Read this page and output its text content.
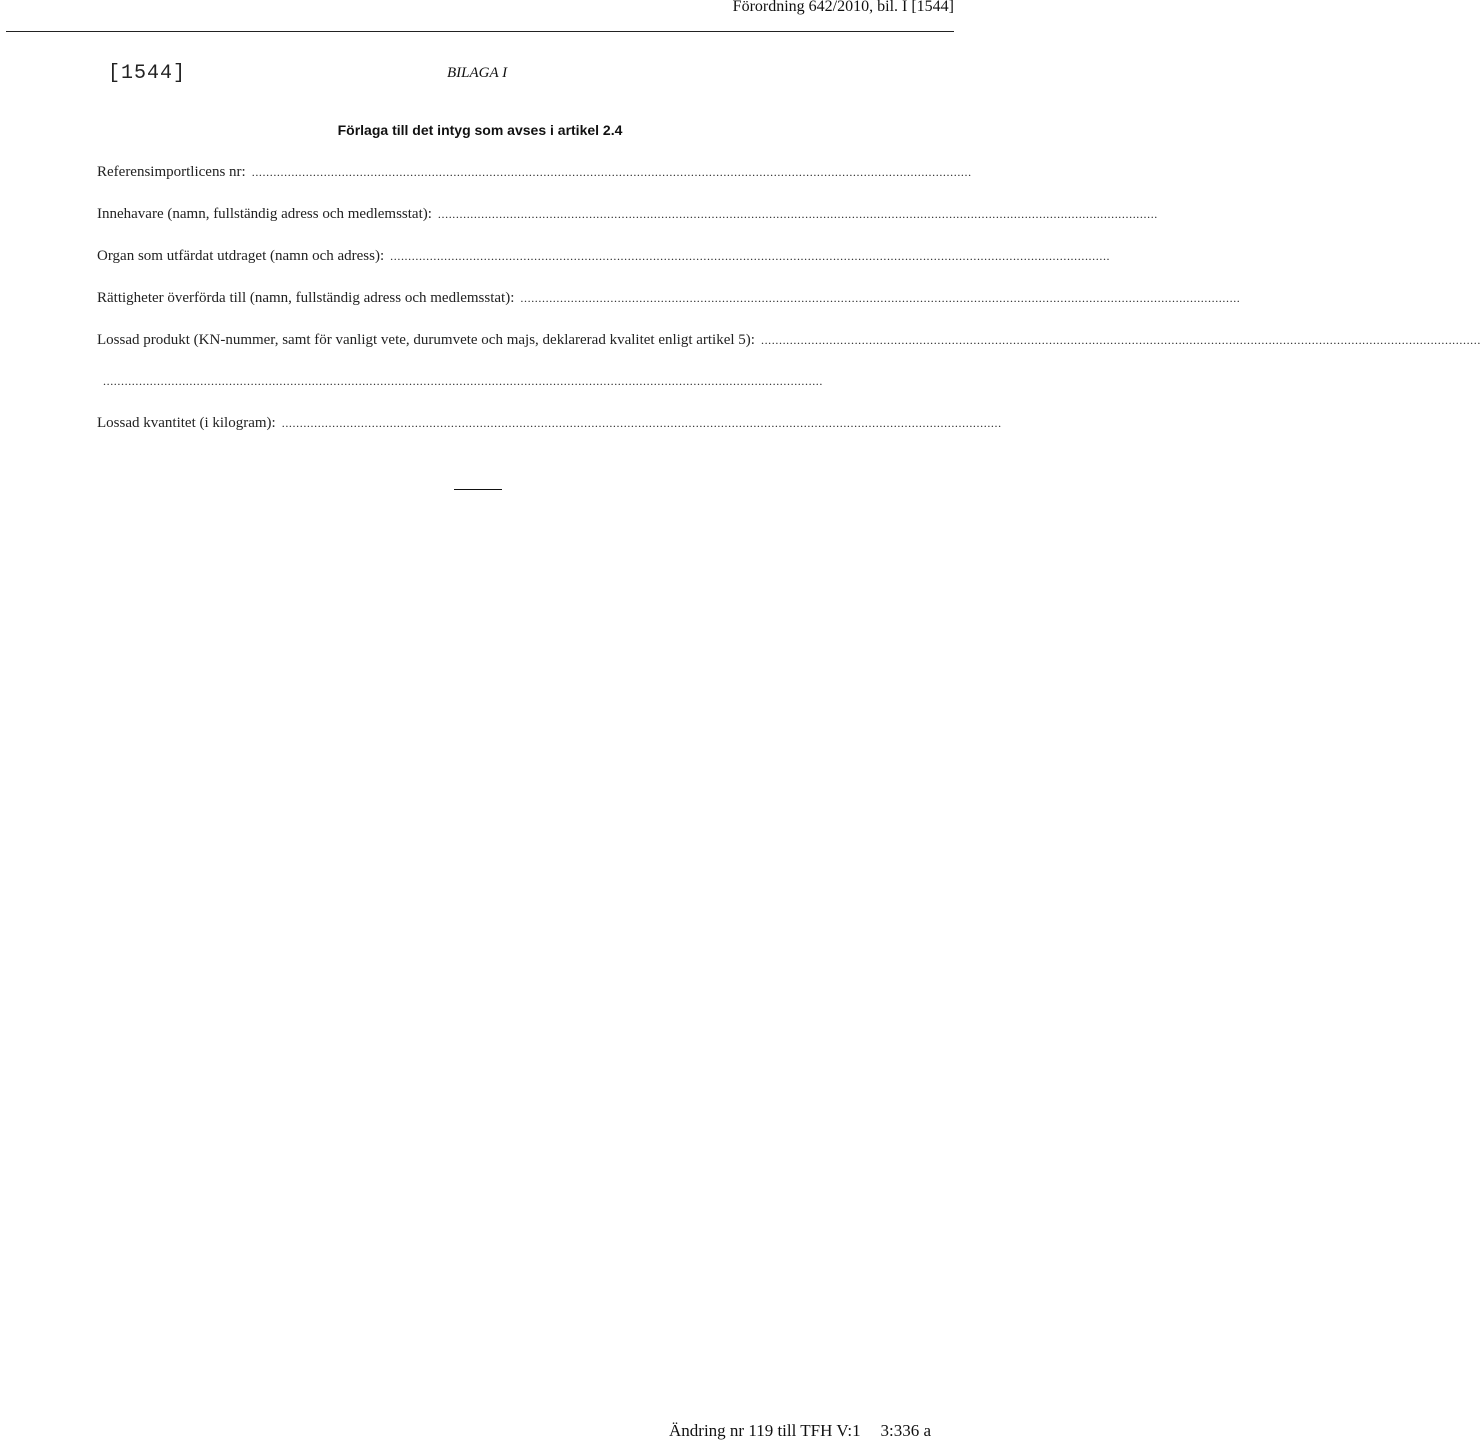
Förordning 642/2010, bil. I [1544]
[1544]	BILAGA I
Förlaga till det intyg som avses i artikel 2.4
Referensimportlicens nr: ........................................................................................................................................................................................................
Innehavare (namn, fullständig adress och medlemsstat): ........................................................................................................................................................................................................
Organ som utfärdat utdraget (namn och adress): ........................................................................................................................................................................................................
Rättigheter överförda till (namn, fullständig adress och medlemsstat): ........................................................................................................................................................................................................
Lossad produkt (KN-nummer, samt för vanligt vete, durumvete och majs, deklarerad kvalitet enligt artikel 5): ........................................................................................................................................................................................................
........................................................................................................................................................................................................
Lossad kvantitet (i kilogram): ........................................................................................................................................................................................................
Ändring nr 119 till TFH V:1 3:336 a
